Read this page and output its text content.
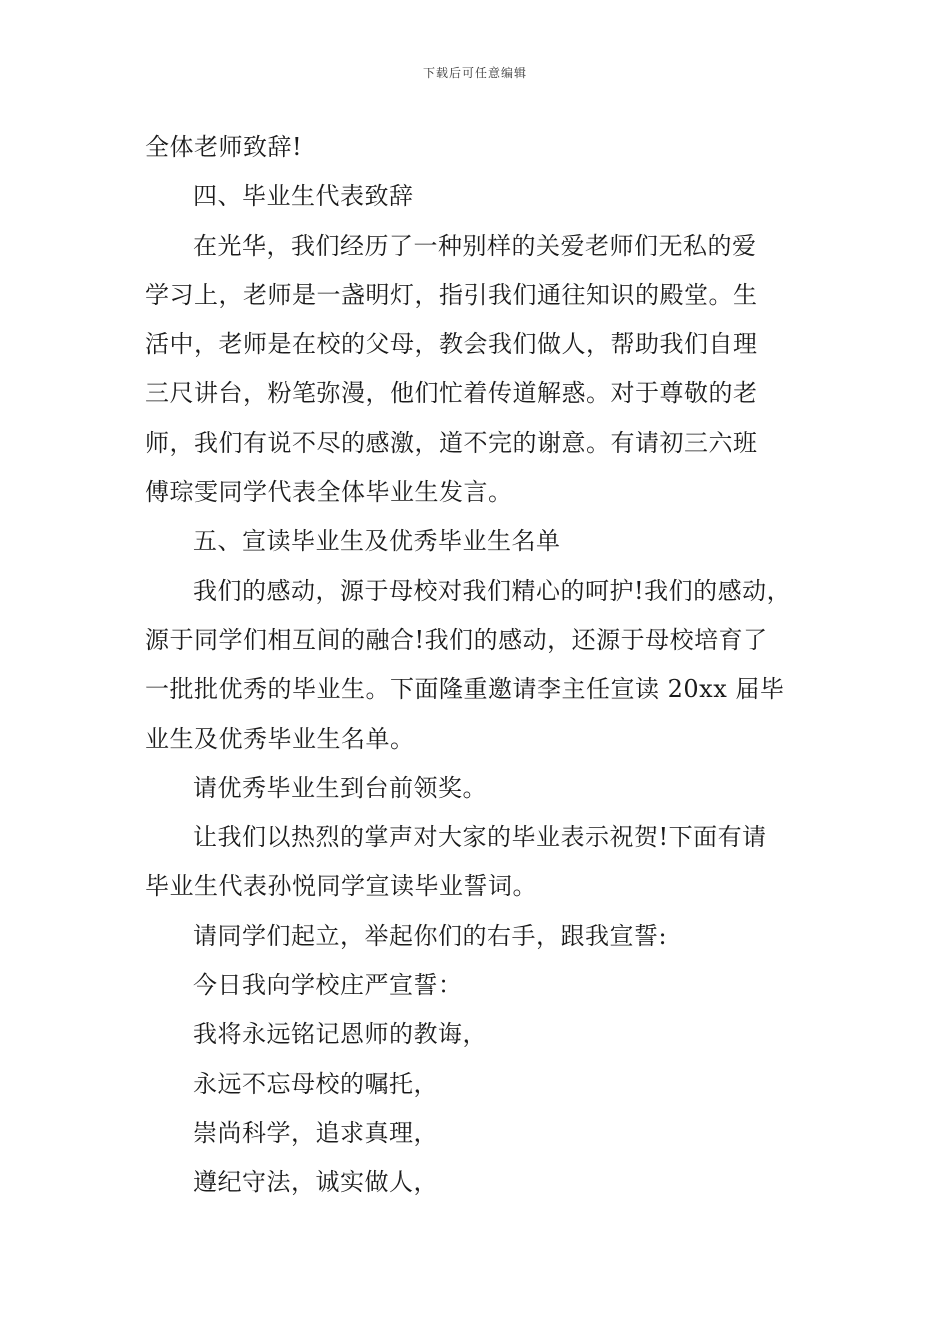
下载后可任意编辑

全体老师致辞!

四、毕业生代表致辞

在光华，我们经历了一种别样的关爱老师们无私的爱

学习上，老师是一盏明灯，指引我们通往知识的殿堂。生

活中，老师是在校的父母，教会我们做人，帮助我们自理

三尺讲台，粉笔弥漫，他们忙着传道解惑。对于尊敬的老

师，我们有说不尽的感激，道不完的谢意。有请初三六班

傅琮雯同学代表全体毕业生发言。

五、宣读毕业生及优秀毕业生名单

我们的感动，源于母校对我们精心的呵护!我们的感动，

源于同学们相互间的融合!我们的感动，还源于母校培育了

一批批优秀的毕业生。下面隆重邀请李主任宣读 20xx 届毕

业生及优秀毕业生名单。

请优秀毕业生到台前领奖。

让我们以热烈的掌声对大家的毕业表示祝贺!下面有请

毕业生代表孙悦同学宣读毕业誓词。

请同学们起立，举起你们的右手，跟我宣誓:

今日我向学校庄严宣誓：

我将永远铭记恩师的教诲，

永远不忘母校的嘱托，

崇尚科学，追求真理，

遵纪守法，诚实做人，
